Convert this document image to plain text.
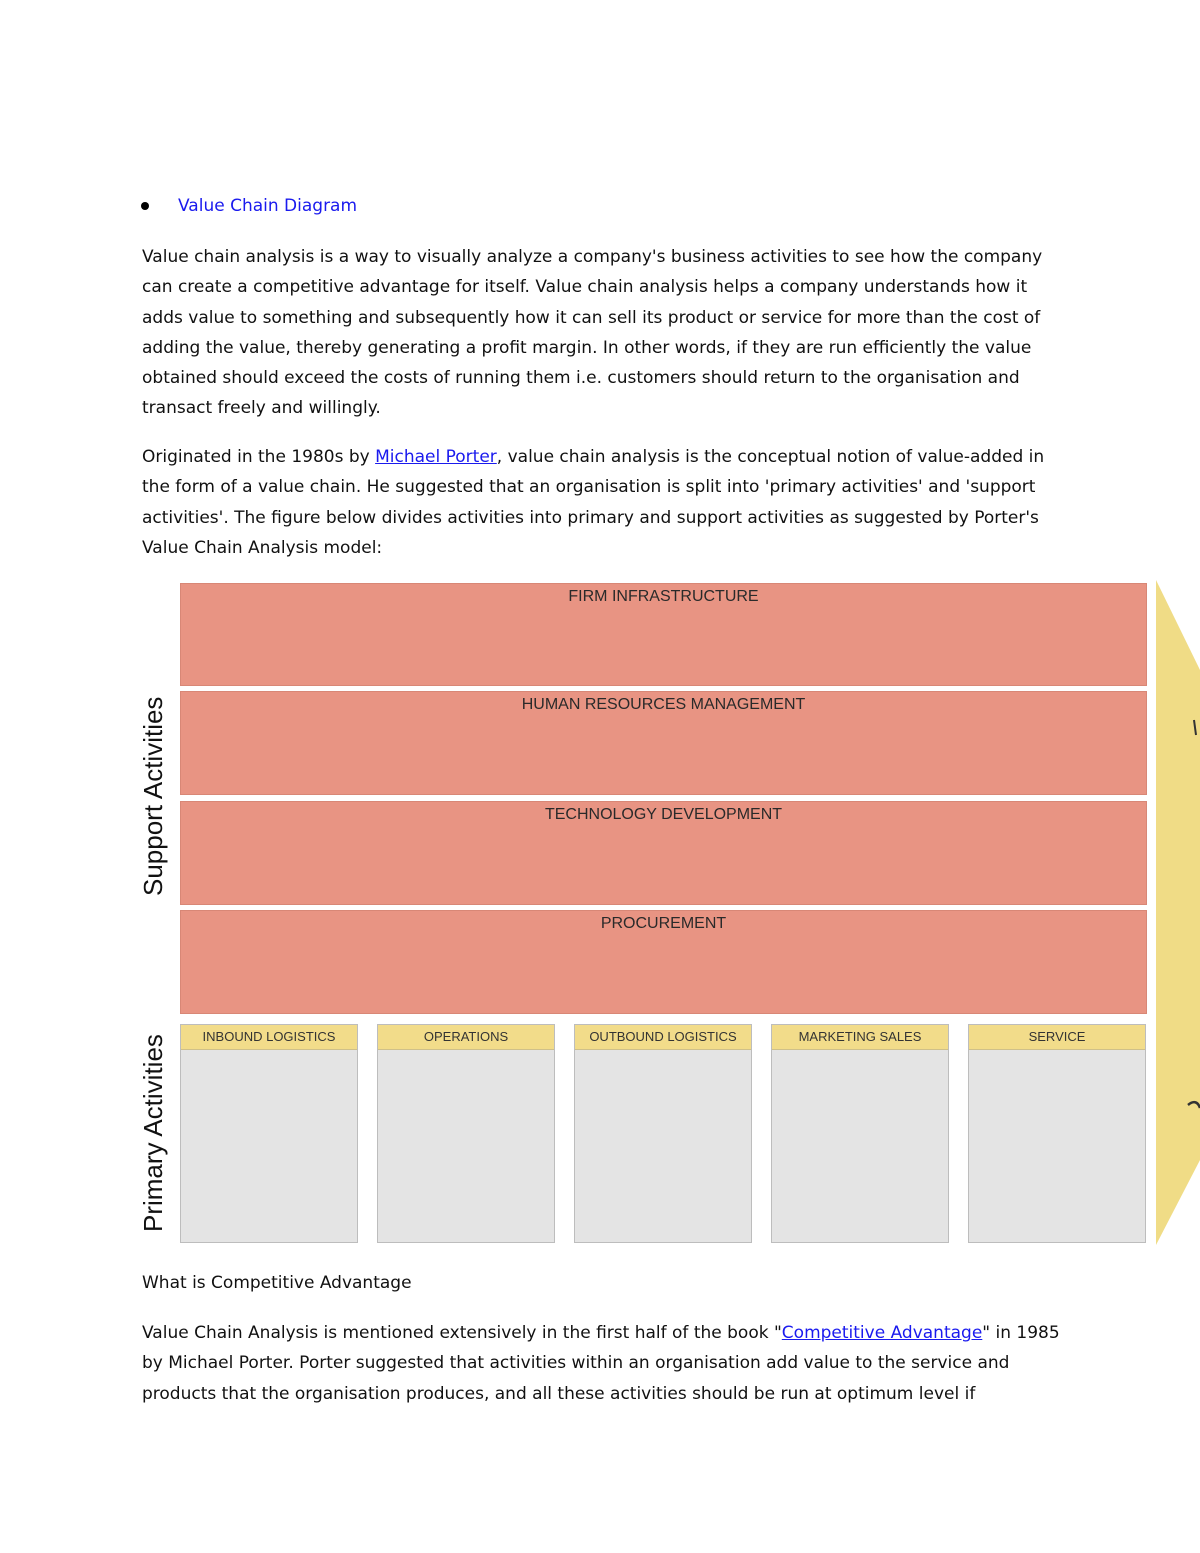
Value Chain Diagram

Value chain analysis is a way to visually analyze a company's business activities to see how the company can create a competitive advantage for itself. Value chain analysis helps a company understands how it adds value to something and subsequently how it can sell its product or service for more than the cost of adding the value, thereby generating a profit margin. In other words, if they are run efficiently the value obtained should exceed the costs of running them i.e. customers should return to the organisation and transact freely and willingly.

Originated in the 1980s by Michael Porter, value chain analysis is the conceptual notion of value-added in the form of a value chain. He suggested that an organisation is split into 'primary activities' and 'support activities'. The figure below divides activities into primary and support activities as suggested by Porter's Value Chain Analysis model:

Support Activities
Primary Activities
FIRM INFRASTRUCTURE
HUMAN RESOURCES MANAGEMENT
TECHNOLOGY DEVELOPMENT
PROCUREMENT
INBOUND LOGISTICS	OPERATIONS	OUTBOUND LOGISTICS	MARKETING SALES	SERVICE

What is Competitive Advantage

Value Chain Analysis is mentioned extensively in the first half of the book "Competitive Advantage" in 1985 by Michael Porter. Porter suggested that activities within an organisation add value to the service and products that the organisation produces, and all these activities should be run at optimum level if
